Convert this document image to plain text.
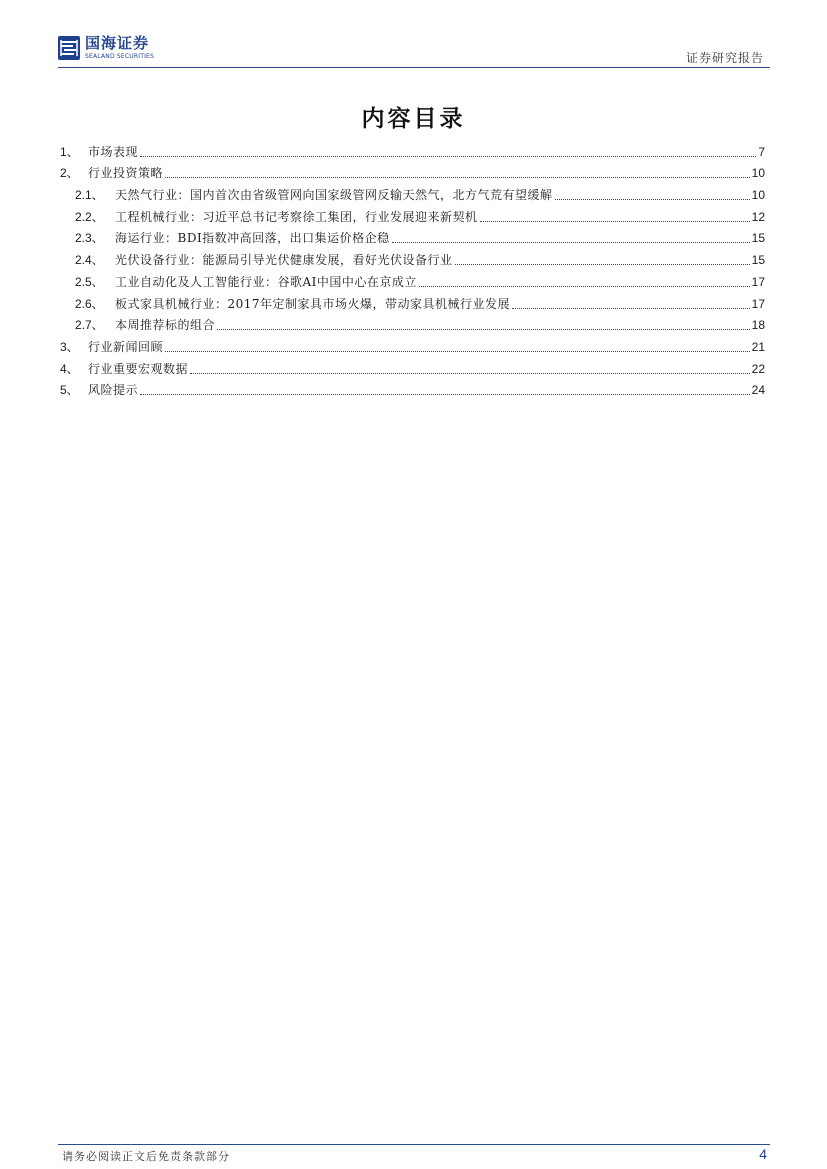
国海证券
SEALAND SECURITIES	证券研究报告
内容目录
1、 市场表现	7
2、 行业投资策略	10
2.1、 天然气行业：国内首次由省级管网向国家级管网反输天然气，北方气荒有望缓解	10
2.2、 工程机械行业：习近平总书记考察徐工集团，行业发展迎来新契机	12
2.3、 海运行业：BDI指数冲高回落，出口集运价格企稳	15
2.4、 光伏设备行业：能源局引导光伏健康发展，看好光伏设备行业	15
2.5、 工业自动化及人工智能行业：谷歌AI中国中心在京成立	17
2.6、 板式家具机械行业：2017年定制家具市场火爆，带动家具机械行业发展	17
2.7、 本周推荐标的组合	18
3、 行业新闻回顾	21
4、 行业重要宏观数据	22
5、 风险提示	24
请务必阅读正文后免责条款部分	4
